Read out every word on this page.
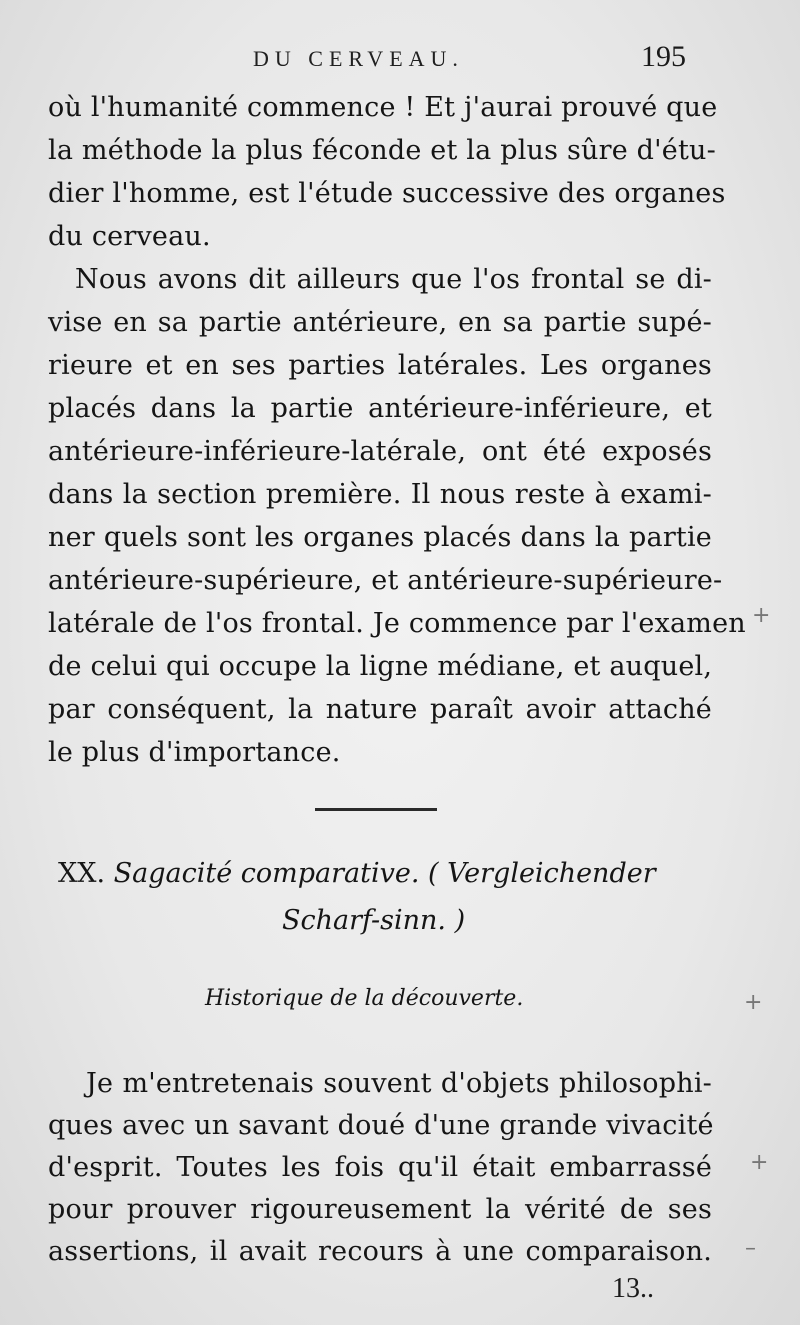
DU CERVEAU.	195
où l'humanité commence ! Et j'aurai prouvé que
la méthode la plus féconde et la plus sûre d'étu-
dier l'homme, est l'étude successive des organes
du cerveau.
Nous avons dit ailleurs que l'os frontal se di-
vise en sa partie antérieure, en sa partie supé-
rieure et en ses parties latérales. Les organes
placés dans la partie antérieure-inférieure, et
antérieure-inférieure-latérale, ont été exposés
dans la section première. Il nous reste à exami-
ner quels sont les organes placés dans la partie
antérieure-supérieure, et antérieure-supérieure-
latérale de l'os frontal. Je commence par l'examen
de celui qui occupe la ligne médiane, et auquel,
par conséquent, la nature paraît avoir attaché
le plus d'importance.
XX. Sagacité comparative. ( Vergleichender
Scharf-sinn. )
Historique de la découverte.
Je m'entretenais souvent d'objets philosophi-
ques avec un savant doué d'une grande vivacité
d'esprit. Toutes les fois qu'il était embarrassé
pour prouver rigoureusement la vérité de ses
assertions, il avait recours à une comparaison.
13..
+
+
+
–
